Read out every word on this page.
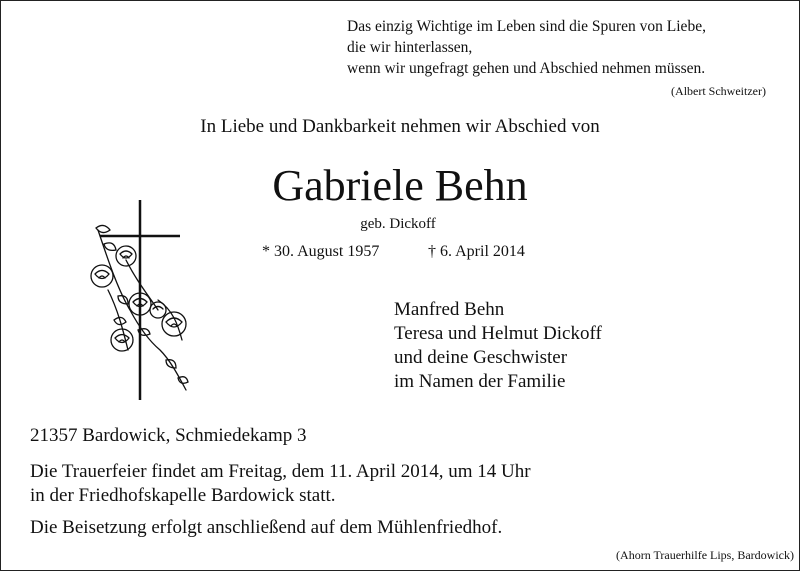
Das einzig Wichtige im Leben sind die Spuren von Liebe,
die wir hinterlassen,
wenn wir ungefragt gehen und Abschied nehmen müssen.
(Albert Schweitzer)
In Liebe und Dankbarkeit nehmen wir Abschied von
Gabriele Behn
geb. Dickoff
* 30. August 1957	† 6. April 2014
Manfred Behn
Teresa und Helmut Dickoff
und deine Geschwister
im Namen der Familie
21357 Bardowick, Schmiedekamp 3
Die Trauerfeier findet am Freitag, dem 11. April 2014, um 14 Uhr
in der Friedhofskapelle Bardowick statt.
Die Beisetzung erfolgt anschließend auf dem Mühlenfriedhof.
(Ahorn Trauerhilfe Lips, Bardowick)
